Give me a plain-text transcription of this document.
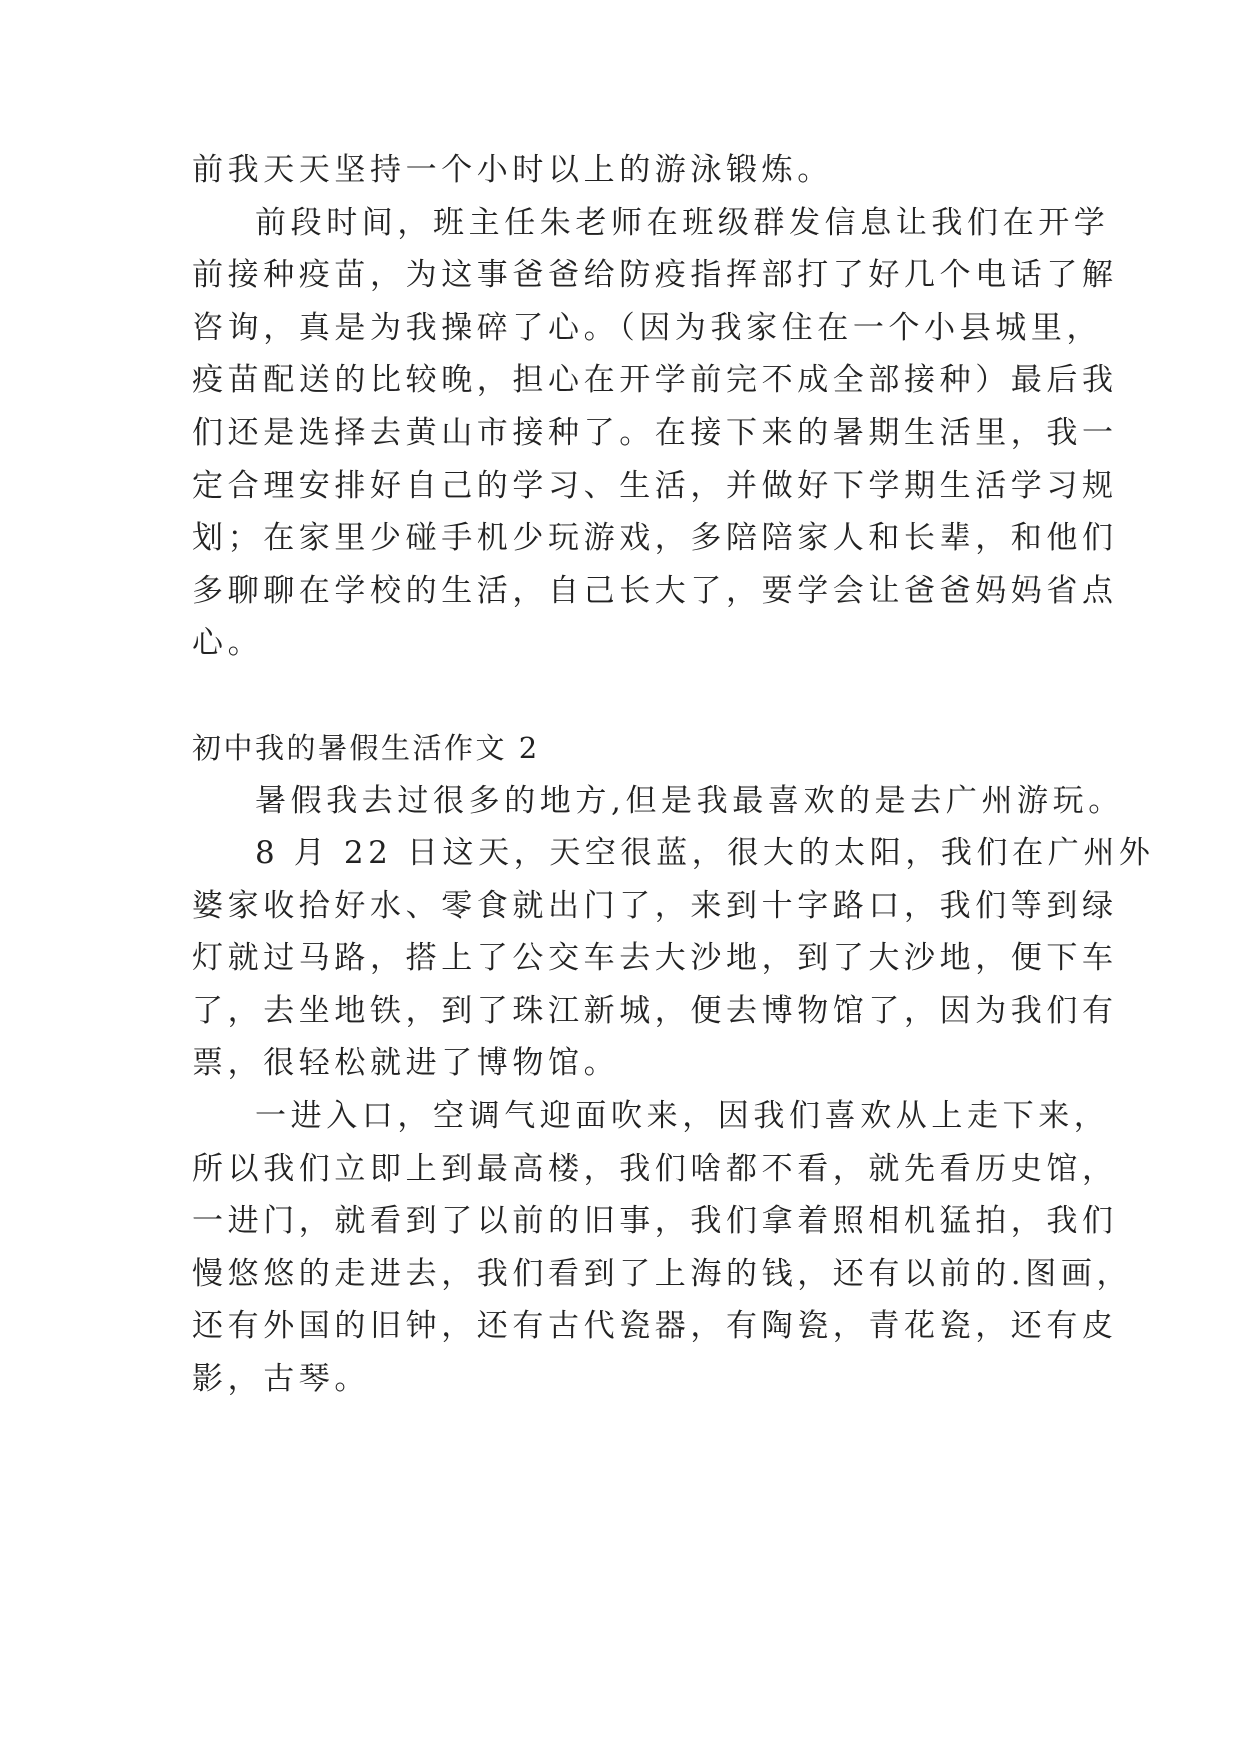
前我天天坚持一个小时以上的游泳锻炼。
前段时间，班主任朱老师在班级群发信息让我们在开学
前接种疫苗，为这事爸爸给防疫指挥部打了好几个电话了解
咨询，真是为我操碎了心。（因为我家住在一个小县城里，
疫苗配送的比较晚，担心在开学前完不成全部接种）最后我
们还是选择去黄山市接种了。在接下来的暑期生活里，我一
定合理安排好自己的学习、生活，并做好下学期生活学习规
划；在家里少碰手机少玩游戏，多陪陪家人和长辈，和他们
多聊聊在学校的生活，自己长大了，要学会让爸爸妈妈省点
心。
初中我的暑假生活作文 2
暑假我去过很多的地方,但是我最喜欢的是去广州游玩。
8 月 22 日这天，天空很蓝，很大的太阳，我们在广州外
婆家收拾好水、零食就出门了，来到十字路口，我们等到绿
灯就过马路，搭上了公交车去大沙地，到了大沙地，便下车
了，去坐地铁，到了珠江新城，便去博物馆了，因为我们有
票，很轻松就进了博物馆。
一进入口，空调气迎面吹来，因我们喜欢从上走下来，
所以我们立即上到最高楼，我们啥都不看，就先看历史馆，
一进门，就看到了以前的旧事，我们拿着照相机猛拍，我们
慢悠悠的走进去，我们看到了上海的钱，还有以前的.图画，
还有外国的旧钟，还有古代瓷器，有陶瓷，青花瓷，还有皮
影，古琴。
